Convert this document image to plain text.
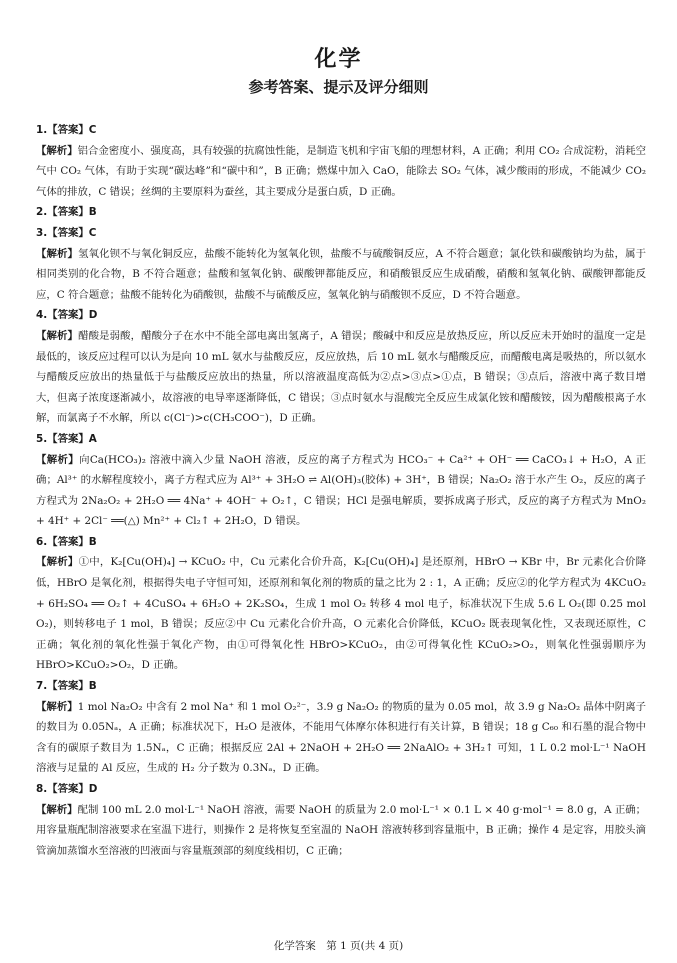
化学
参考答案、提示及评分细则
1.【答案】C
【解析】铝合金密度小、强度高，具有较强的抗腐蚀性能，是制造飞机和宇宙飞船的理想材料，A 正确；利用 CO₂ 合成淀粉，消耗空气中 CO₂ 气体，有助于实现“碳达峰”和“碳中和”，B 正确；燃煤中加入 CaO，能除去 SO₂ 气体，减少酸雨的形成，不能减少 CO₂ 气体的排放，C 错误；丝绸的主要原料为蚕丝，其主要成分是蛋白质，D 正确。
2.【答案】B
3.【答案】C
【解析】氢氧化钡不与氧化铜反应，盐酸不能转化为氢氧化钡，盐酸不与硫酸铜反应，A 不符合题意；氯化铁和碳酸钠均为盐，属于相同类别的化合物，B 不符合题意；盐酸和氢氧化钠、碳酸钾都能反应，和硝酸银反应生成硝酸，硝酸和氢氧化钠、碳酸钾都能反应，C 符合题意；盐酸不能转化为硝酸钡，盐酸不与硫酸反应，氢氧化钠与硝酸钡不反应，D 不符合题意。
4.【答案】D
【解析】醋酸是弱酸，醋酸分子在水中不能全部电离出氢离子，A 错误；酸碱中和反应是放热反应，所以反应未开始时的温度一定是最低的，该反应过程可以认为是向 10 mL 氨水与盐酸反应，反应放热，后 10 mL 氨水与醋酸反应，而醋酸电离是吸热的，所以氨水与醋酸反应放出的热量低于与盐酸反应放出的热量，所以溶液温度高低为②点>③点>①点，B 错误；③点后，溶液中离子数目增大，但离子浓度逐渐减小，故溶液的电导率逐渐降低，C 错误；③点时氨水与混酸完全反应生成氯化铵和醋酸铵，因为醋酸根离子水解，而氯离子不水解，所以 c(Cl⁻)>c(CH₃COO⁻)，D 正确。
5.【答案】A
【解析】向Ca(HCO₃)₂ 溶液中滴入少量 NaOH 溶液，反应的离子方程式为 HCO₃⁻ + Ca²⁺ + OH⁻ ══ CaCO₃↓ + H₂O，A 正确；Al³⁺ 的水解程度较小，离子方程式应为 Al³⁺ + 3H₂O ⇌ Al(OH)₃(胶体) + 3H⁺，B 错误；Na₂O₂ 溶于水产生 O₂，反应的离子方程式为 2Na₂O₂ + 2H₂O ══ 4Na⁺ + 4OH⁻ + O₂↑，C 错误；HCl 是强电解质，要拆成离子形式，反应的离子方程式为 MnO₂ + 4H⁺ + 2Cl⁻ ══(△) Mn²⁺ + Cl₂↑ + 2H₂O，D 错误。
6.【答案】B
【解析】①中，K₂[Cu(OH)₄] → KCuO₂ 中，Cu 元素化合价升高，K₂[Cu(OH)₄] 是还原剂，HBrO → KBr 中，Br 元素化合价降低，HBrO 是氧化剂，根据得失电子守恒可知，还原剂和氧化剂的物质的量之比为 2 : 1，A 正确；反应②的化学方程式为 4KCuO₂ + 6H₂SO₄ ══ O₂↑ + 4CuSO₄ + 6H₂O + 2K₂SO₄，生成 1 mol O₂ 转移 4 mol 电子，标准状况下生成 5.6 L O₂(即 0.25 mol O₂)，则转移电子 1 mol，B 错误；反应②中 Cu 元素化合价升高，O 元素化合价降低，KCuO₂ 既表现氧化性，又表现还原性，C 正确；氧化剂的氧化性强于氧化产物，由①可得氧化性 HBrO>KCuO₂，由②可得氧化性 KCuO₂>O₂，则氧化性强弱顺序为 HBrO>KCuO₂>O₂，D 正确。
7.【答案】B
【解析】1 mol Na₂O₂ 中含有 2 mol Na⁺ 和 1 mol O₂²⁻，3.9 g Na₂O₂ 的物质的量为 0.05 mol，故 3.9 g Na₂O₂ 晶体中阴离子的数目为 0.05Nₐ，A 正确；标准状况下，H₂O 是液体，不能用气体摩尔体积进行有关计算，B 错误；18 g C₆₀ 和石墨的混合物中含有的碳原子数目为 1.5Nₐ，C 正确；根据反应 2Al + 2NaOH + 2H₂O ══ 2NaAlO₂ + 3H₂↑ 可知，1 L 0.2 mol·L⁻¹ NaOH 溶液与足量的 Al 反应，生成的 H₂ 分子数为 0.3Nₐ，D 正确。
8.【答案】D
【解析】配制 100 mL 2.0 mol·L⁻¹ NaOH 溶液，需要 NaOH 的质量为 2.0 mol·L⁻¹ × 0.1 L × 40 g·mol⁻¹ = 8.0 g，A 正确；用容量瓶配制溶液要求在室温下进行，则操作 2 是将恢复至室温的 NaOH 溶液转移到容量瓶中，B 正确；操作 4 是定容，用胶头滴管滴加蒸馏水至溶液的凹液面与容量瓶颈部的刻度线相切，C 正确；
化学答案　第 1 页(共 4 页)
